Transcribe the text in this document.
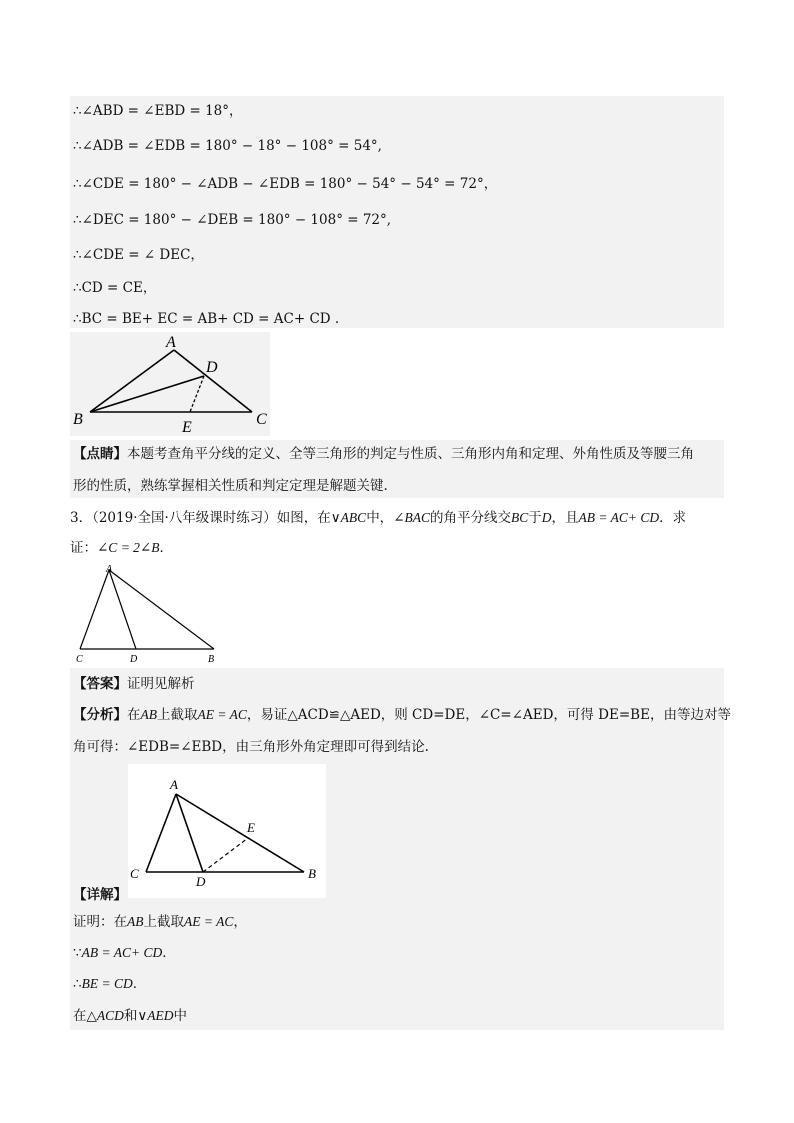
∴∠ABD = ∠EBD = 18°，
∴∠ADB = ∠EDB = 180° − 18° − 108° = 54°,
∴∠CDE = 180° − ∠ADB − ∠EDB = 180° − 54° − 54° = 72°，
∴∠DEC = 180° − ∠DEB = 180° − 108° = 72°,
∴∠CDE = ∠ DEC，
∴CD = CE，
∴BC = BE+ EC = AB+ CD = AC+ CD .
A
D
B	E	C
【点睛】本题考查角平分线的定义、全等三角形的判定与性质、三角形内角和定理、外角性质及等腰三角
形的性质，熟练掌握相关性质和判定定理是解题关键.
3．（2019·全国·八年级课时练习）如图，在∨ABC中，∠BAC的角平分线交BC于D，且AB = AC+ CD．求
证：∠C = 2∠B．
A
C	D	B
【答案】证明见解析
【分析】在AB上截取AE = AC，易证△ACD≌△AED，则 CD=DE，∠C=∠AED，可得 DE=BE，由等边对等
角可得：∠EDB=∠EBD，由三角形外角定理即可得到结论.
A
E
C
D
B
【详解】
证明：在AB上截取AE = AC，
∵AB = AC+ CD．
∴BE = CD．
在△ACD和∨AED中
